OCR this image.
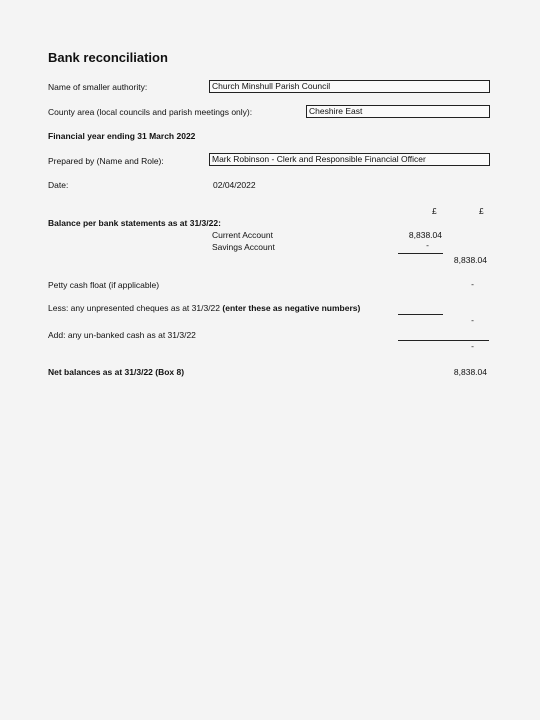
Bank reconciliation
Name of smaller authority:	Church Minshull Parish Council
County area (local councils and parish meetings only):	Cheshire East
Financial year ending 31 March 2022
Prepared by (Name and Role):	Mark Robinson - Clerk and Responsible Financial Officer
Date:	02/04/2022
£	£
Balance per bank statements as at 31/3/22:
Current Account	8,838.04
Savings Account	-
8,838.04
Petty cash float (if applicable)	-
Less: any unpresented cheques as at 31/3/22 (enter these as negative numbers)
-
Add: any un-banked cash as at 31/3/22
-
Net balances as at 31/3/22 (Box 8)	8,838.04
